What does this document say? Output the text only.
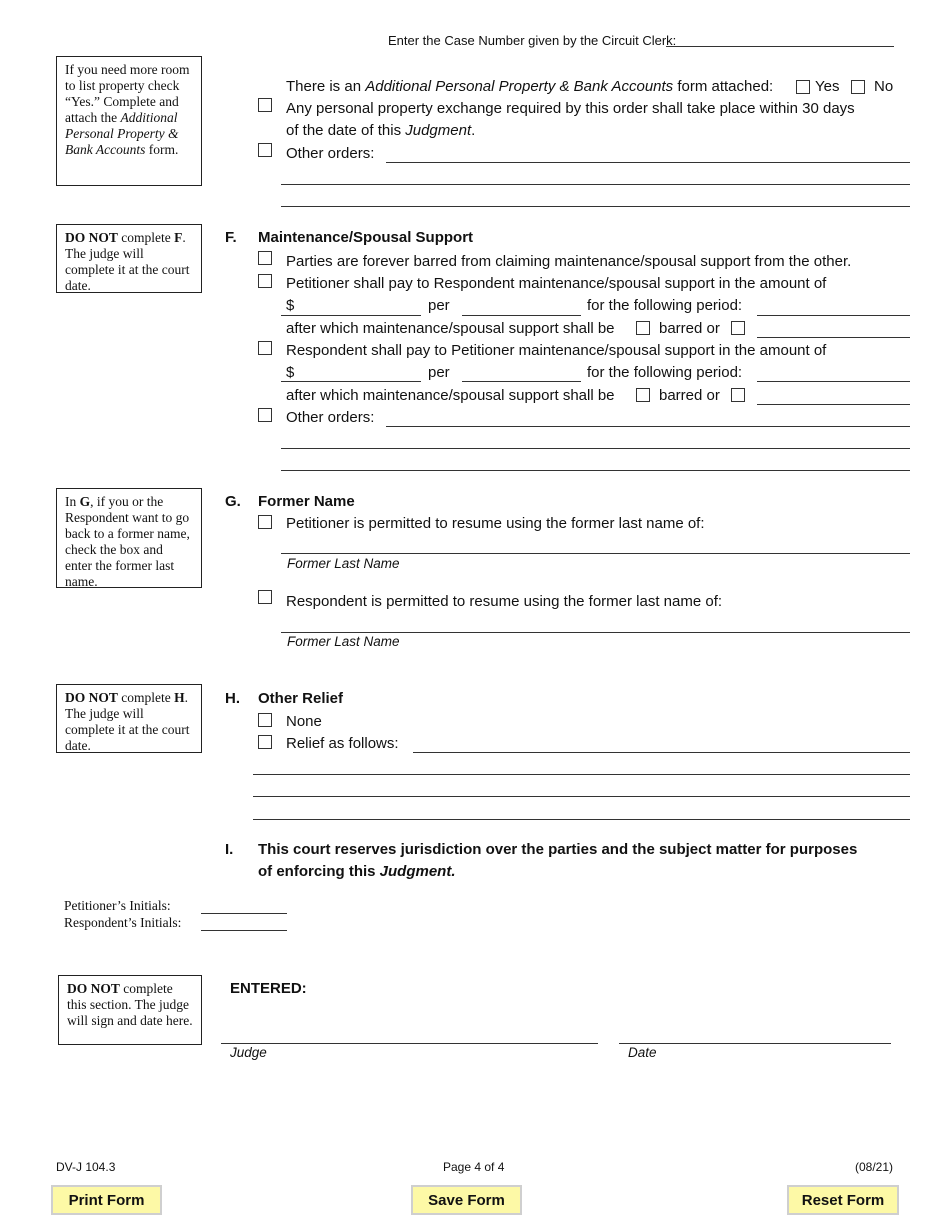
Enter the Case Number given by the Circuit Clerk:
If you need more room to list property check “Yes.” Complete and attach the Additional Personal Property & Bank Accounts form.
There is an Additional Personal Property & Bank Accounts form attached:	Yes No
Any personal property exchange required by this order shall take place within 30 days
of the date of this Judgment.
Other orders:
DO NOT complete F. The judge will complete it at the court date.
F. Maintenance/Spousal Support
Parties are forever barred from claiming maintenance/spousal support from the other.
Petitioner shall pay to Respondent maintenance/spousal support in the amount of
$	per	for the following period:
after which maintenance/spousal support shall be	barred or
Respondent shall pay to Petitioner maintenance/spousal support in the amount of
$	per	for the following period:
after which maintenance/spousal support shall be	barred or
Other orders:
In G, if you or the Respondent want to go back to a former name, check the box and enter the former last name.
G. Former Name
Petitioner is permitted to resume using the former last name of:
Former Last Name
Respondent is permitted to resume using the former last name of:
Former Last Name
DO NOT complete H. The judge will complete it at the court date.
H. Other Relief
None
Relief as follows:
I. This court reserves jurisdiction over the parties and the subject matter for purposes
of enforcing this Judgment.
Petitioner’s Initials:
Respondent’s Initials:
DO NOT complete this section. The judge will sign and date here.
ENTERED:
Judge	Date
DV-J 104.3	Page 4 of 4	(08/21)
Print Form	Save Form	Reset Form
